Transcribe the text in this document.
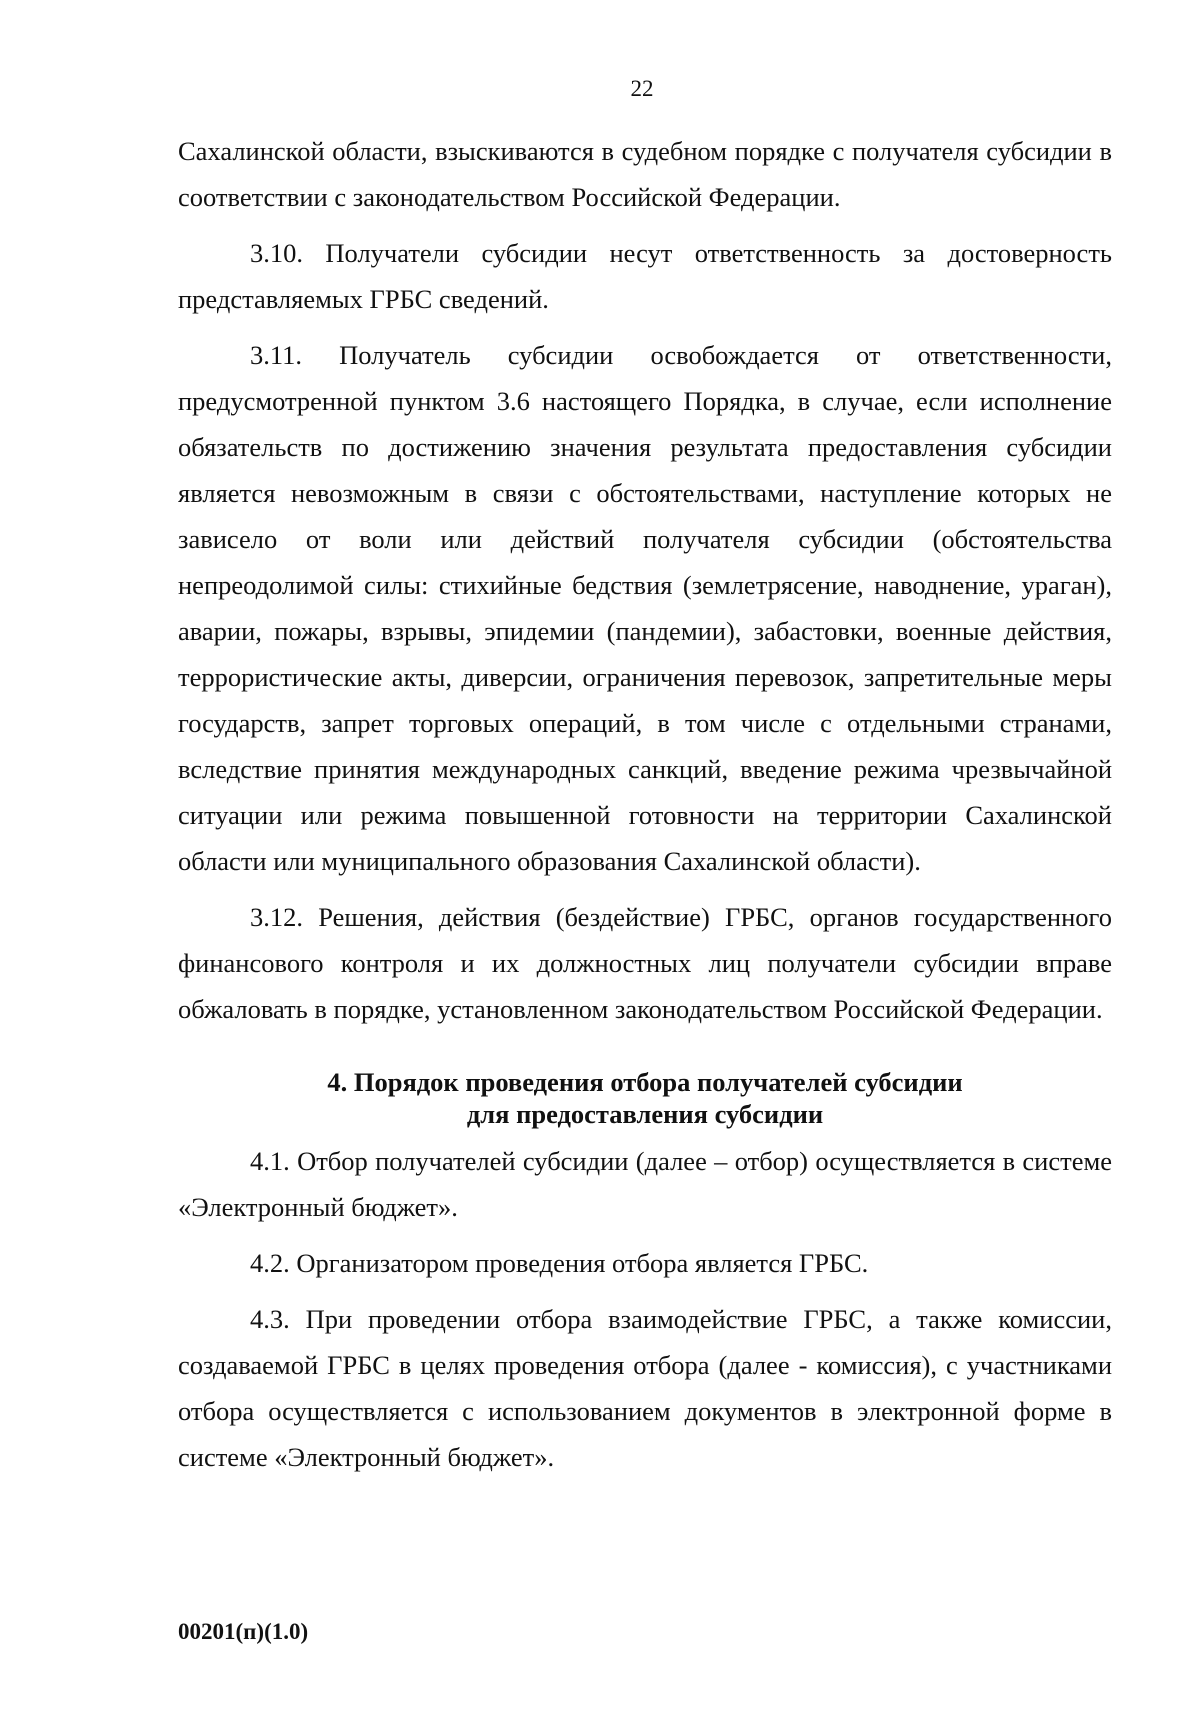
22

Сахалинской области, взыскиваются в судебном порядке с получателя субсидии в соответствии с законодательством Российской Федерации.

3.10. Получатели субсидии несут ответственность за достоверность представляемых ГРБС сведений.

3.11. Получатель субсидии освобождается от ответственности, предусмотренной пунктом 3.6 настоящего Порядка, в случае, если исполнение обязательств по достижению значения результата предоставления субсидии является невозможным в связи с обстоятельствами, наступление которых не зависело от воли или действий получателя субсидии (обстоятельства непреодолимой силы: стихийные бедствия (землетрясение, наводнение, ураган), аварии, пожары, взрывы, эпидемии (пандемии), забастовки, военные действия, террористические акты, диверсии, ограничения перевозок, запретительные меры государств, запрет торговых операций, в том числе с отдельными странами, вследствие принятия международных санкций, введение режима чрезвычайной ситуации или режима повышенной готовности на территории Сахалинской области или муниципального образования Сахалинской области).

3.12. Решения, действия (бездействие) ГРБС, органов государственного финансового контроля и их должностных лиц получатели субсидии вправе обжаловать в порядке, установленном законодательством Российской Федерации.

4. Порядок проведения отбора получателей субсидии
для предоставления субсидии

4.1. Отбор получателей субсидии (далее – отбор) осуществляется в системе «Электронный бюджет».

4.2. Организатором проведения отбора является ГРБС.

4.3. При проведении отбора взаимодействие ГРБС, а также комиссии, создаваемой ГРБС в целях проведения отбора (далее - комиссия), с участниками отбора осуществляется с использованием документов в электронной форме в системе «Электронный бюджет».

00201(п)(1.0)
